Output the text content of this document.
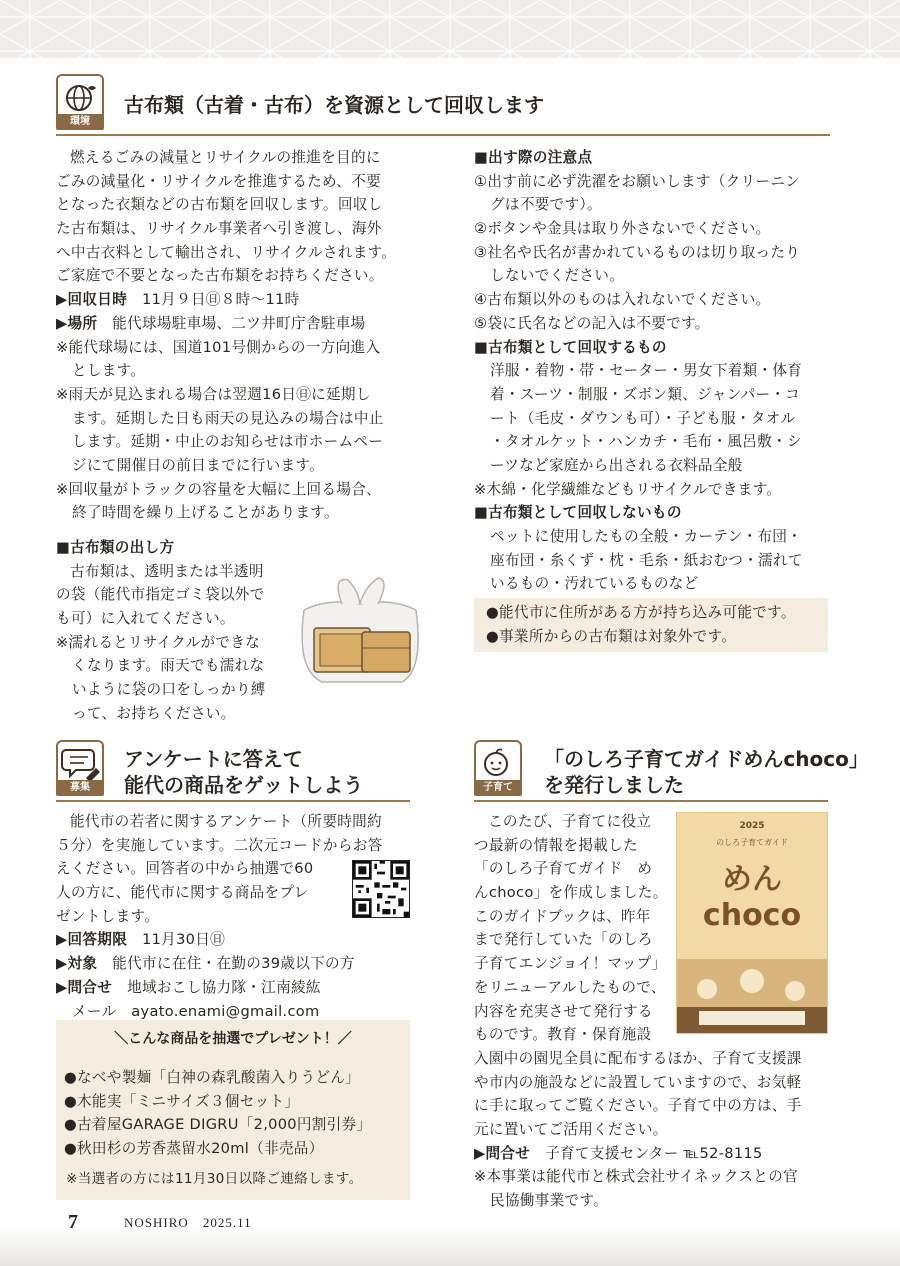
環境
古布類（古着・古布）を資源として回収します
燃えるごみの減量とリサイクルの推進を目的に
ごみの減量化・リサイクルを推進するため、不要
となった衣類などの古布類を回収します。回収し
た古布類は、リサイクル事業者へ引き渡し、海外
へ中古衣料として輸出され、リサイクルされます。
ご家庭で不要となった古布類をお持ちください。
▶回収日時　 11月９日㊐８時～11時
▶場所　 能代球場駐車場、二ツ井町庁舎駐車場
※能代球場には、国道101号側からの一方向進入
とします。
※雨天が見込まれる場合は翌週16日㊐に延期し
ます。延期した日も雨天の見込みの場合は中止
します。延期・中止のお知らせは市ホームペー
ジにて開催日の前日までに行います。
※回収量がトラックの容量を大幅に上回る場合、
終了時間を繰り上げることがあります。
■古布類の出し方
古布類は、透明または半透明
の袋（能代市指定ゴミ袋以外で
も可）に入れてください。
※濡れるとリサイクルができな
くなります。雨天でも濡れな
いように袋の口をしっかり縛
って、お持ちください。
■出す際の注意点
①出す前に必ず洗濯をお願いします（クリーニン
グは不要です）。
②ボタンや金具は取り外さないでください。
③社名や氏名が書かれているものは切り取ったり
しないでください。
④古布類以外のものは入れないでください。
⑤袋に氏名などの記入は不要です。
■古布類として回収するもの
洋服・着物・帯・セーター・男女下着類・体育
着・スーツ・制服・ズボン類、ジャンパー・コ
ート（毛皮・ダウンも可）・子ども服・タオル
・タオルケット・ハンカチ・毛布・風呂敷・シ
ーツなど家庭から出される衣料品全般
※木綿・化学繊維などもリサイクルできます。
■古布類として回収しないもの
ペットに使用したもの全般・カーテン・布団・
座布団・糸くず・枕・毛糸・紙おむつ・濡れて
いるもの・汚れているものなど
●能代市に住所がある方が持ち込み可能です。
●事業所からの古布類は対象外です。
募集
アンケートに答えて
能代の商品をゲットしよう
能代市の若者に関するアンケート（所要時間約
５分）を実施しています。二次元コードからお答
えください。回答者の中から抽選で60
人の方に、能代市に関する商品をプレ
ゼントします。
▶回答期限　 11月30日㊐
▶対象　 能代市に在住・在勤の39歳以下の方
▶問合せ　 地域おこし協力隊・江南綾紘
メール　 ayato.enami@gmail.com
＼こんな商品を抽選でプレゼント！／
●なべや製麺「白神の森乳酸菌入りうどん」
●木能実「ミニサイズ３個セット」
●古着屋GARAGE DIGRU「2,000円割引券」
●秋田杉の芳香蒸留水20ml（非売品）
※当選者の方には11月30日以降ご連絡します。
子育て
「のしろ子育てガイドめんchoco」
を発行しました
このたび、子育てに役立
つ最新の情報を掲載した
「のしろ子育てガイド　め
んchoco」を作成しました。
このガイドブックは、昨年
まで発行していた「のしろ
子育てエンジョイ！マップ」
をリニューアルしたもので、
内容を充実させて発行する
ものです。教育・保育施設
2025
のしろ子育てガイド
めん
choco
入園中の園児全員に配布するほか、子育て支援課
や市内の施設などに設置していますので、お気軽
に手に取ってご覧ください。子育て中の方は、手
元に置いてご活用ください。
▶問合せ　 子育て支援センター ℡52-8115
※本事業は能代市と株式会社サイネックスとの官
民協働事業です。
7	NOSHIRO　 2025.11
